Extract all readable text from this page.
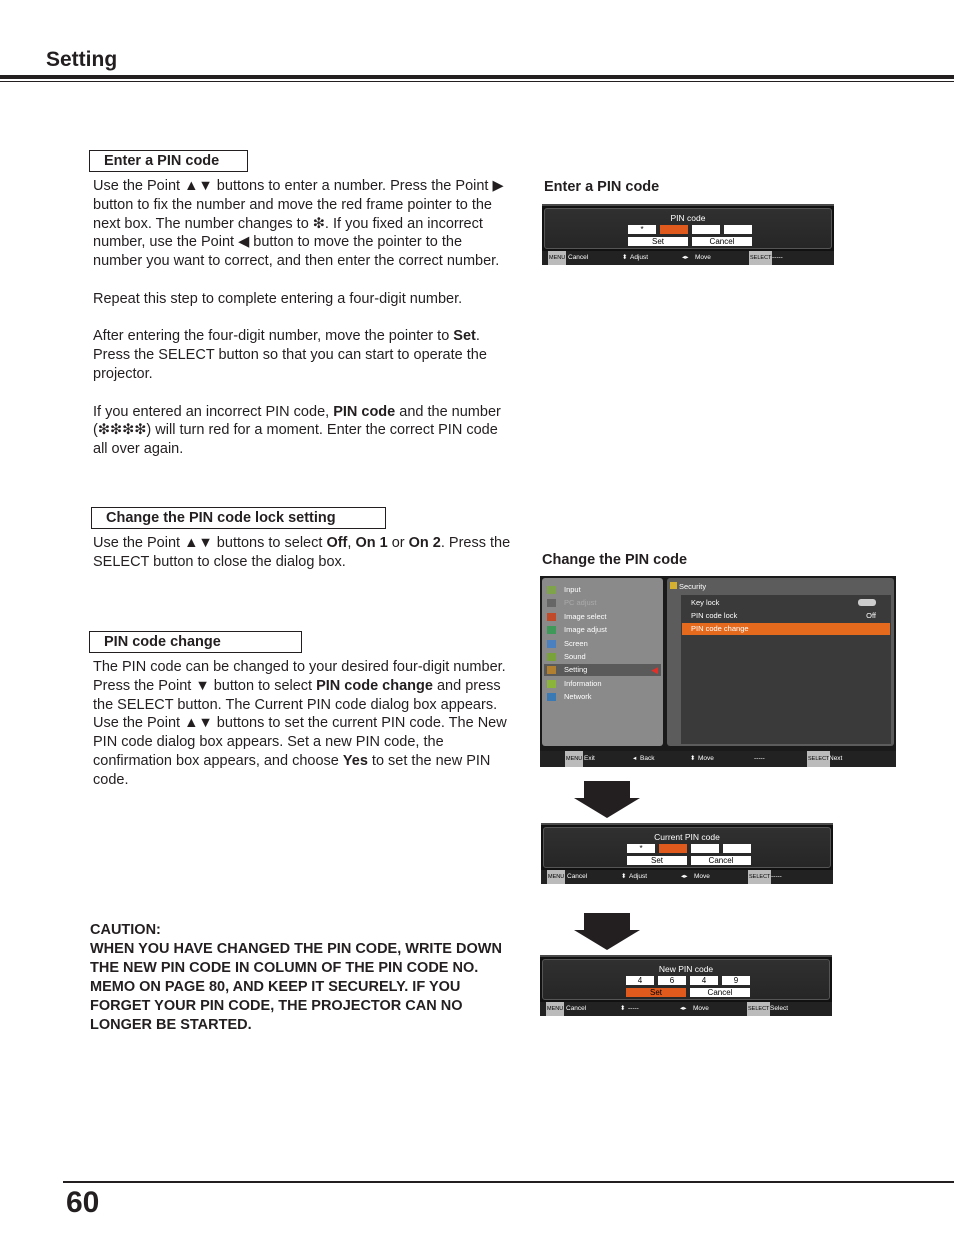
Setting
Enter a PIN code

Use the Point ▲▼ buttons to enter a number. Press the Point ▶ button to fix the number and move the red frame pointer to the next box. The number changes to ❇. If you fixed an incorrect number, use the Point ◀ button to move the pointer to the number you want to correct, and then enter the correct number.

Repeat this step to complete entering a four-digit number.

After entering the four-digit number, move the pointer to Set. Press the SELECT button so that you can start to operate the projector.

If you entered an incorrect PIN code, PIN code and the number (❇❇❇❇) will turn red for a moment. Enter the correct PIN code all over again.

Change the PIN code lock setting
Use the Point ▲▼ buttons to select Off, On 1 or On 2. Press the SELECT button to close the dialog box.
PIN code change
The PIN code can be changed to your desired four-digit number.
Press the Point ▼ button to select PIN code change and press the SELECT button. The Current PIN code dialog box appears.
Use the Point ▲▼ buttons to set the current PIN code. The New PIN code dialog box appears. Set a new PIN code, the confirmation box appears, and choose Yes to set the new PIN code.
CAUTION:
WHEN YOU HAVE CHANGED THE PIN CODE, WRITE DOWN THE NEW PIN CODE IN COLUMN OF THE PIN CODE NO. MEMO ON PAGE 80, AND KEEP IT SECURELY. IF YOU FORGET YOUR PIN CODE, THE PROJECTOR CAN NO LONGER BE STARTED.
Enter a PIN code
Change the PIN code
PIN code
*
Set	Cancel
MENU Cancel	⬍ Adjust	◂▸ Move	SELECT -----
Input
PC adjust
Image select
Image adjust
Screen
Sound
Setting	◀
Information
Network
Security
Key lock
PIN code lock	Off
PIN code change
MENU Exit	◂ Back	⬍ Move	-----	SELECT Next
Current PIN code
*
Set	Cancel
MENU Cancel	⬍ Adjust	◂▸ Move	SELECT -----
New PIN code
4	6	4	9
Set	Cancel
MENU Cancel	⬍ -----	◂▸ Move	SELECT Select
60
